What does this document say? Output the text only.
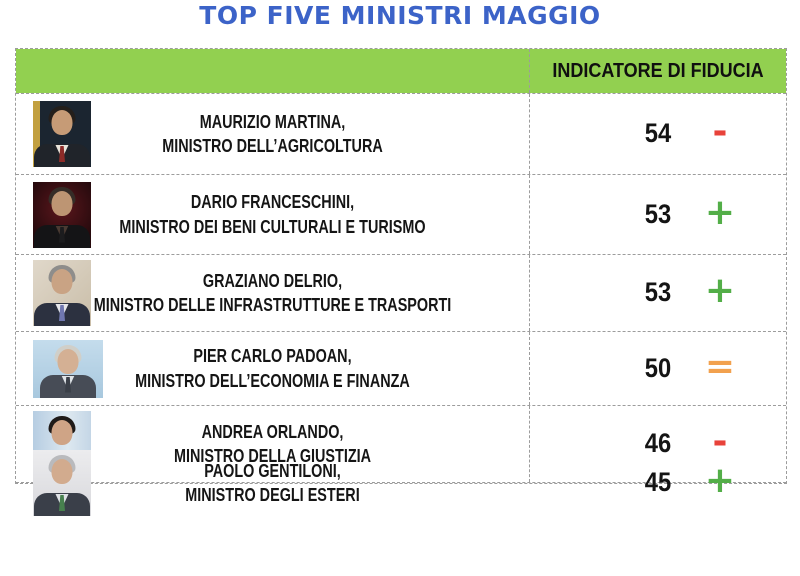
TOP FIVE MINISTRI MAGGIO
INDICATORE DI FIDUCIA
MAURIZIO MARTINA,
MINISTRO DELL’AGRICOLTURA	54	-
DARIO FRANCESCHINI,
MINISTRO DEI BENI CULTURALI E TURISMO	53 +
GRAZIANO DELRIO,
MINISTRO DELLE INFRASTRUTTURE E TRASPORTI	53 +
PIER CARLO PADOAN,
MINISTRO DELL’ECONOMIA E FINANZA	50 =
ANDREA ORLANDO,
MINISTRO DELLA GIUSTIZIA	46	-
PAOLO GENTILONI,
MINISTRO DEGLI ESTERI	45 +
